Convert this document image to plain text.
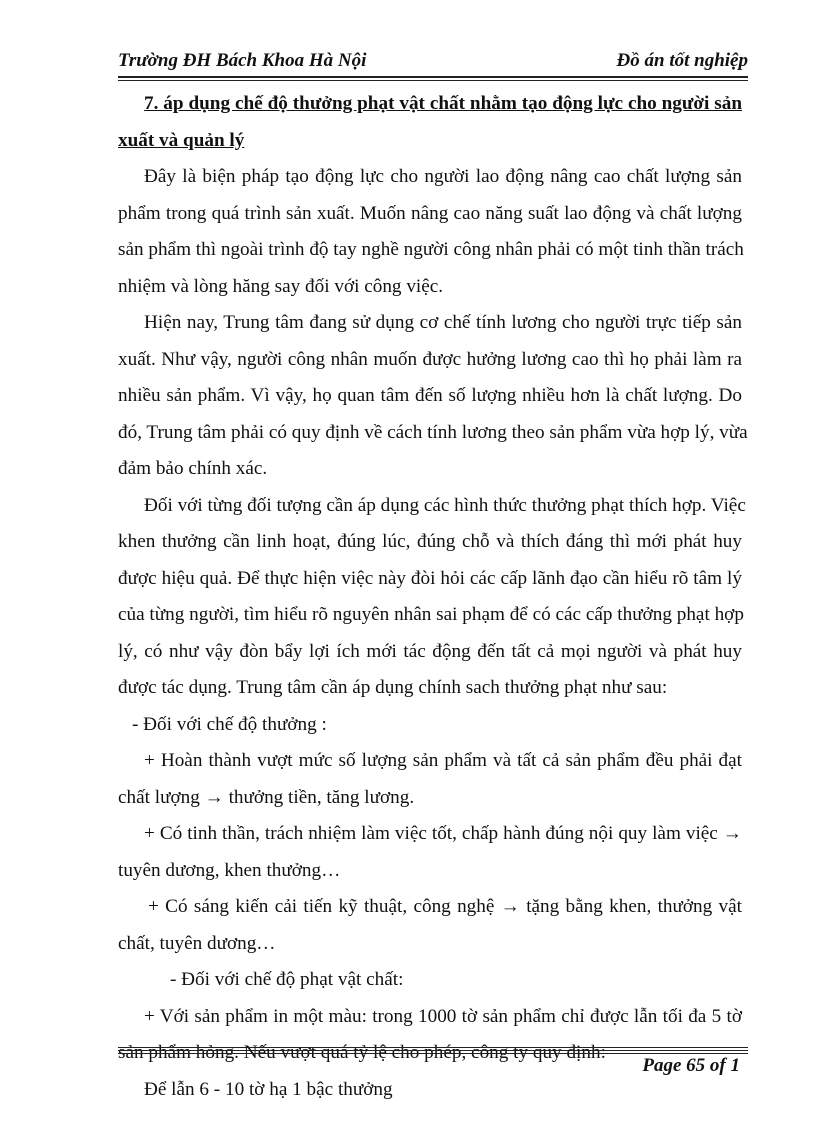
Trường ĐH Bách Khoa Hà Nội	Đồ án tốt nghiệp
7. áp dụng chế độ thưởng phạt vật chất nhằm tạo động lực cho người sản
xuất và quản lý
Đây là biện pháp tạo động lực cho người lao động nâng cao chất lượng sản
phẩm trong quá trình sản xuất. Muốn nâng cao năng suất lao động và chất lượng
sản phẩm thì ngoài trình độ tay nghề người công nhân phải có một tinh thần trách
nhiệm và lòng hăng say đối với công việc.
Hiện nay, Trung tâm đang sử dụng cơ chế tính lương cho người trực tiếp sản
xuất. Như vậy, người công nhân muốn được hưởng lương cao thì họ phải làm ra
nhiều sản phẩm. Vì vậy, họ quan tâm đến số lượng nhiều hơn là chất lượng. Do
đó, Trung tâm phải có quy định về cách tính lương theo sản phẩm vừa hợp lý, vừa
đảm bảo chính xác.
Đối với từng đối tượng cần áp dụng các hình thức thưởng phạt thích hợp. Việc
khen thưởng cần linh hoạt, đúng lúc, đúng chỗ và thích đáng thì mới phát huy
được hiệu quả. Để thực hiện việc này đòi hỏi các cấp lãnh đạo cần hiểu rõ tâm lý
của từng người, tìm hiểu rõ nguyên nhân sai phạm để có các cấp thưởng phạt hợp
lý, có như vậy đòn bẩy lợi ích mới tác động đến tất cả mọi người và phát huy
được tác dụng. Trung tâm cần áp dụng chính sach thưởng phạt như sau:
- Đối với chế độ thưởng :
+ Hoàn thành vượt mức số lượng sản phẩm và tất cả sản phẩm đều phải đạt
chất lượng → thưởng tiền, tăng lương.
+ Có tinh thần, trách nhiệm làm việc tốt, chấp hành đúng nội quy làm việc →
tuyên dương, khen thưởng…
+ Có sáng kiến cải tiến kỹ thuật, công nghệ → tặng bằng khen, thưởng vật
chất, tuyên dương…
- Đối với chế độ phạt vật chất:
+ Với sản phẩm in một màu: trong 1000 tờ sản phẩm chỉ được lẫn tối đa 5 tờ
sản phẩm hỏng. Nếu vượt quá tỷ lệ cho phép, công ty quy định:
Để lẫn 6 - 10 tờ hạ 1 bậc thưởng
Page 65 of 1
